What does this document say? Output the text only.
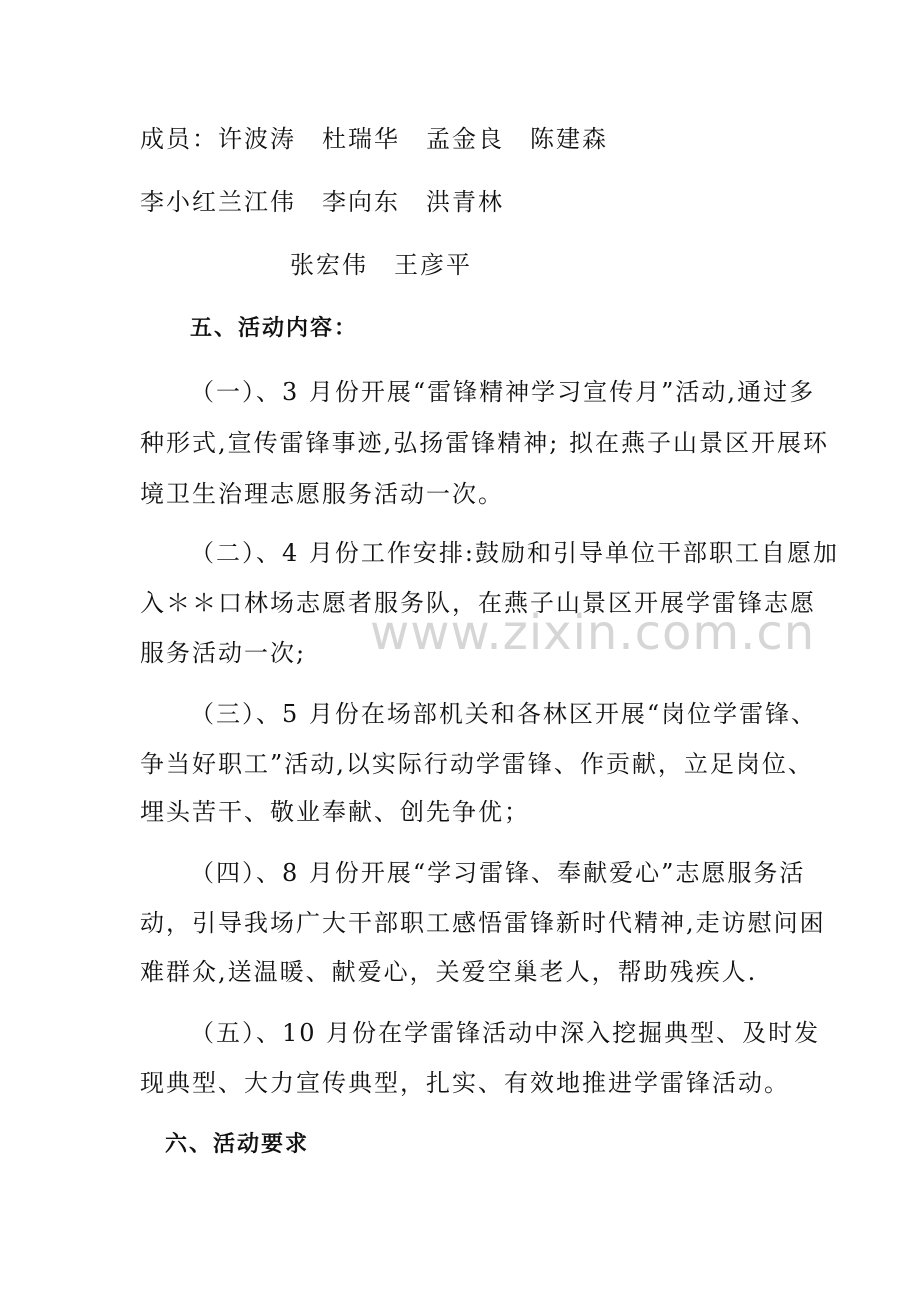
成员：许波涛　杜瑞华　孟金良　陈建森
李小红兰江伟　李向东　洪青林
张宏伟　王彦平
五、活动内容：
（一）、3 月份开展“雷锋精神学习宣传月”活动,通过多
种形式,宣传雷锋事迹,弘扬雷锋精神; 拟在燕子山景区开展环
境卫生治理志愿服务活动一次。
（二）、4 月份工作安排:鼓励和引导单位干部职工自愿加
入＊＊口林场志愿者服务队，在燕子山景区开展学雷锋志愿
服务活动一次;
（三）、5 月份在场部机关和各林区开展“岗位学雷锋、
争当好职工”活动,以实际行动学雷锋、作贡献，立足岗位、
埋头苦干、敬业奉献、创先争优；
（四）、8 月份开展“学习雷锋、奉献爱心”志愿服务活
动，引导我场广大干部职工感悟雷锋新时代精神,走访慰问困
难群众,送温暖、献爱心，关爱空巢老人，帮助残疾人.
（五）、10 月份在学雷锋活动中深入挖掘典型、及时发
现典型、大力宣传典型，扎实、有效地推进学雷锋活动。
六、活动要求
www.zixin.com.cn
